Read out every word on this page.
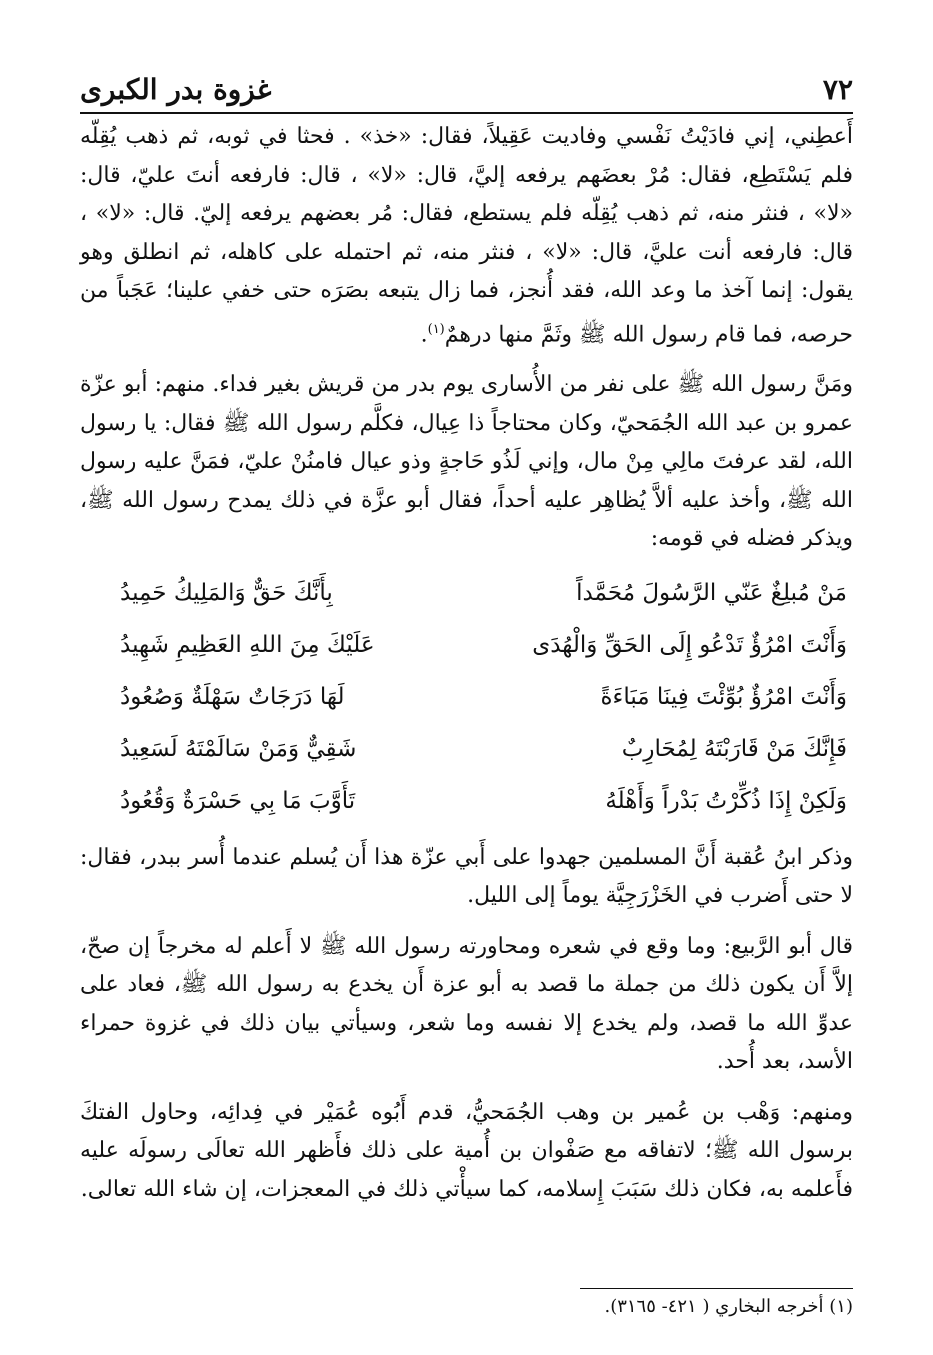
٧٢
غزوة بدر الكبرى

أَعطِني، إني فادَيْتُ نَفْسي وفاديت عَقِيلاً، فقال: «خذ» . فحثا في ثوبه، ثم ذهب يُقِلّه فلم يَسْتَطِع، فقال: مُرْ بعضَهم يرفعه إليَّ، قال: «لا» ، قال: فارفعه أنتَ عليّ، قال: «لا» ، فنثر منه، ثم ذهب يُقِلّه فلم يستطع، فقال: مُر بعضهم يرفعه إليّ. قال: «لا» ، قال: فارفعه أنت عليَّ، قال: «لا» ، فنثر منه، ثم احتمله على كاهله، ثم انطلق وهو يقول: إنما آخذ ما وعد الله، فقد أُنجز، فما زال يتبعه بصَرَه حتى خفي علينا؛ عَجَباً من حرصه، فما قام رسول الله ﷺ وثَمَّ منها درهمٌ$^{(١)}$.

ومَنَّ رسول الله ﷺ على نفر من الأُسارى يوم بدر من قريش بغير فداء. منهم: أبو عزّة عمرو بن عبد الله الجُمَحيّ، وكان محتاجاً ذا عِيال، فكلَّم رسول الله ﷺ فقال: يا رسول الله، لقد عرفتَ مالِي مِنْ مال، وإني لَذُو حَاجةٍ وذو عيال فامنُنْ عليّ، فمَنَّ عليه رسول الله ﷺ، وأخذ عليه ألاَّ يُظاهِر عليه أحداً، فقال أبو عزَّة في ذلك يمدح رسول الله ﷺ، ويذكر فضله في قومه:

مَنْ مُبلِغٌ عَنّي الرَّسُولَ مُحَمَّداً
بِأَنَّكَ حَقٌّ وَالمَلِيكُ حَمِيدُ
وَأَنْتَ امْرُؤٌ تَدْعُو إِلَى الحَقِّ وَالْهُدَى
عَلَيْكَ مِنَ اللهِ العَظِيمِ شَهِيدُ
وَأَنْتَ امْرُؤٌ بُوِّئْتَ فِينَا مَبَاءَةً
لَهَا دَرَجَاتٌ سَهْلَةٌ وَصُعُودُ
فَإِنَّكَ مَنْ قَارَبْتَهُ لِمُحَارِبٌ
شَقِيٌّ وَمَنْ سَالَمْتَهُ لَسَعِيدُ
وَلَكِنْ إِذَا ذُكِّرْتُ بَدْراً وَأَهْلَهُ
تَأَوَّبَ مَا بِي حَسْرَةٌ وَقُعُودُ

وذكر ابنُ عُقبة أَنَّ المسلمين جهدوا على أَبي عزّة هذا أَن يُسلم عندما أُسر ببدر، فقال: لا حتى أَضرب في الخَزْرَجِيَّة يوماً إلى الليل.

قال أبو الرَّبيع: وما وقع في شعره ومحاورته رسول الله ﷺ لا أَعلم له مخرجاً إن صحّ، إلاَّ أَن يكون ذلك من جملة ما قصد به أبو عزة أَن يخدع به رسول الله ﷺ، فعاد على عدوِّ الله ما قصد، ولم يخدع إلا نفسه وما شعر، وسيأتي بيان ذلك في غزوة حمراء الأسد، بعد أُحد.

ومنهم: وَهْب بن عُمير بن وهب الجُمَحيُّ، قدم أَبُوه عُمَيْر في فِدائِه، وحاول الفتكَ برسول الله ﷺ؛ لاتفاقه مع صَفْوان بن أُمية على ذلك فأَظهر الله تعالَى رسولَه عليه فأَعلمه به، فكان ذلك سَبَبَ إِسلامه، كما سيأْتي ذلك في المعجزات، إن شاء الله تعالى.

(١) أخرجه البخاري ( ٤٢١- ٣١٦٥).
